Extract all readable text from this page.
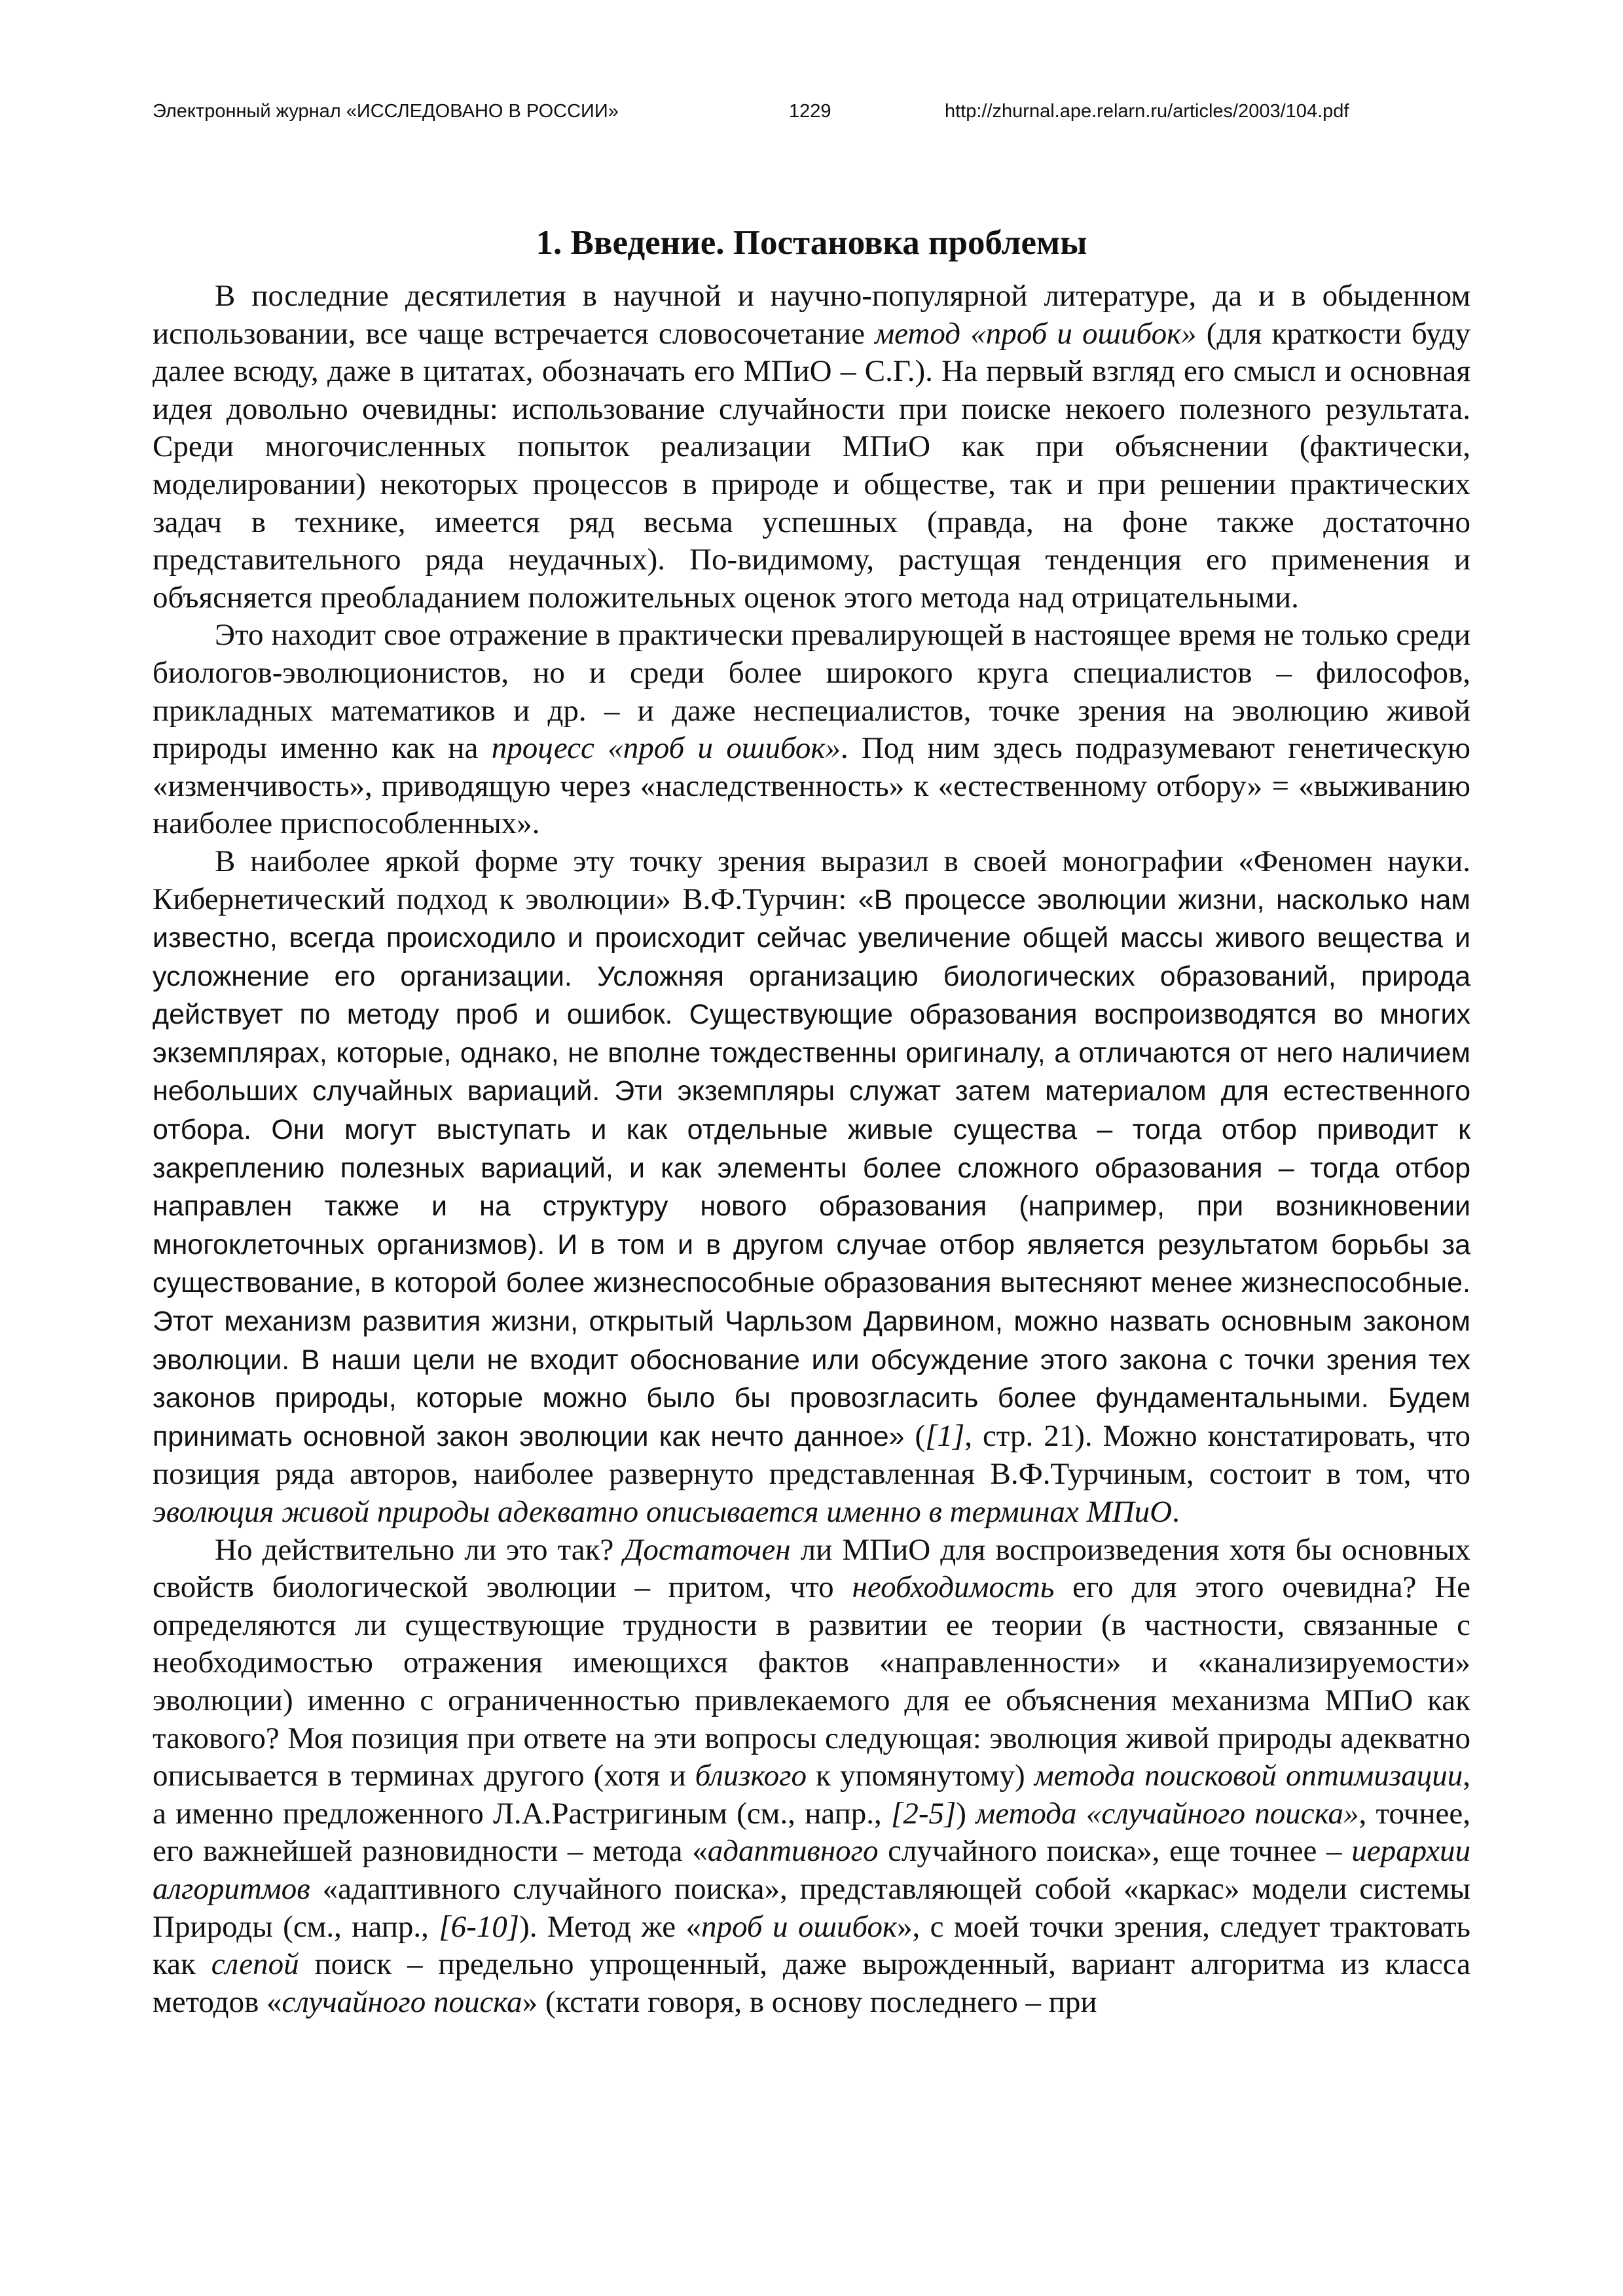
Электронный журнал «ИССЛЕДОВАНО В РОССИИ»	1229	http://zhurnal.ape.relarn.ru/articles/2003/104.pdf
1. Введение. Постановка проблемы

В последние десятилетия в научной и научно-популярной литературе, да и в обыденном использовании, все чаще встречается словосочетание метод «проб и ошибок» (для краткости буду далее всюду, даже в цитатах, обозначать его МПиО – С.Г.). На первый взгляд его смысл и основная идея довольно очевидны: использование случайности при поиске некоего полезного результата. Среди многочисленных попыток реализации МПиО как при объяснении (фактически, моделировании) некоторых процессов в природе и обществе, так и при решении практических задач в технике, имеется ряд весьма успешных (правда, на фоне также достаточно представительного ряда неудачных). По-видимому, растущая тенденция его применения и объясняется преобладанием положительных оценок этого метода над отрицательными.

Это находит свое отражение в практически превалирующей в настоящее время не только среди биологов-эволюционистов, но и среди более широкого круга специалистов – философов, прикладных математиков и др. – и даже неспециалистов, точке зрения на эволюцию живой природы именно как на процесс «проб и ошибок». Под ним здесь подразумевают генетическую «изменчивость», приводящую через «наследственность» к «естественному отбору» = «выживанию наиболее приспособленных».

В наиболее яркой форме эту точку зрения выразил в своей монографии «Феномен науки. Кибернетический подход к эволюции» В.Ф.Турчин: «В процессе эволюции жизни, насколько нам известно, всегда происходило и происходит сейчас увеличение общей массы живого вещества и усложнение его организации. Усложняя организацию биологических образований, природа действует по методу проб и ошибок. Существующие образования воспроизводятся во многих экземплярах, которые, однако, не вполне тождественны оригиналу, а отличаются от него наличием небольших случайных вариаций. Эти экземпляры служат затем материалом для естественного отбора. Они могут выступать и как отдельные живые существа – тогда отбор приводит к закреплению полезных вариаций, и как элементы более сложного образования – тогда отбор направлен также и на структуру нового образования (например, при возникновении многоклеточных организмов). И в том и в другом случае отбор является результатом борьбы за существование, в которой более жизнеспособные образования вытесняют менее жизнеспособные. Этот механизм развития жизни, открытый Чарльзом Дарвином, можно назвать основным законом эволюции. В наши цели не входит обоснование или обсуждение этого закона с точки зрения тех законов природы, которые можно было бы провозгласить более фундаментальными. Будем принимать основной закон эволюции как нечто данное» ([1], стр. 21). Можно констатировать, что позиция ряда авторов, наиболее развернуто представленная В.Ф.Турчиным, состоит в том, что эволюция живой природы адекватно описывается именно в терминах МПиО.

Но действительно ли это так? Достаточен ли МПиО для воспроизведения хотя бы основных свойств биологической эволюции – притом, что необходимость его для этого очевидна? Не определяются ли существующие трудности в развитии ее теории (в частности, связанные с необходимостью отражения имеющихся фактов «направленности» и «канализируемости» эволюции) именно с ограниченностью привлекаемого для ее объяснения механизма МПиО как такового? Моя позиция при ответе на эти вопросы следующая: эволюция живой природы адекватно описывается в терминах другого (хотя и близкого к упомянутому) метода поисковой оптимизации, а именно предложенного Л.А.Растригиным (см., напр., [2-5]) метода «случайного поиска», точнее, его важнейшей разновидности – метода «адаптивного случайного поиска», еще точнее – иерархии алгоритмов «адаптивного случайного поиска», представляющей собой «каркас» модели системы Природы (см., напр., [6-10]). Метод же «проб и ошибок», с моей точки зрения, следует трактовать как слепой поиск – предельно упрощенный, даже вырожденный, вариант алгоритма из класса методов «случайного поиска» (кстати говоря, в основу последнего – при
